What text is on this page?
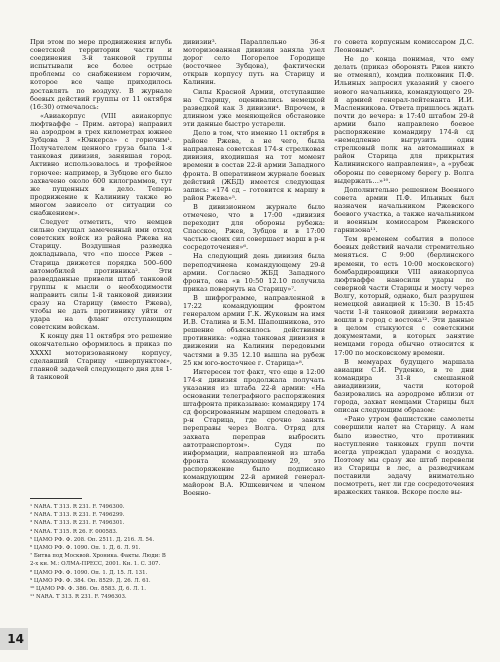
При этом по мере продвижения вглубь советской территории части и соединения 3-й танковой группы испытывали все более острые проблемы со снабжением горючим, которое все чаще приходилось доставлять по воздуху. В журнале боевых действий группы от 11 октября (16:30) отмечалось:

«Авиакорпус (VIII авиакорпус люфтваффе – Прим. автора) направил на аэродром в трех километрах южнее Зубцова 3 «Юнкерса» с горючим¹. Получателем ценного груза была 1-я танковая дивизия, занявшая город. Активно использовалось и трофейное горючее: например, в Зубцове его было захвачено около 600 килограммов, тут же пущенных в дело. Теперь продвижение к Калинину также во многом зависело от ситуации со снабжением».

Следует отметить, что немцев сильно смущал замеченный ими отход советских войск из района Ржева на Старицу. Воздушная разведка докладывала, что «по шоссе Ржев – Старица движется порядка 500–600 автомобилей противника². Эти разведданные привели штаб танковой группы к мысли о необходимости направить силы 1-й танковой дивизии сразу на Старицу (вместо Ржева), чтобы не дать противнику уйти от удара на фланг отступающим советским войскам.

К концу дня 11 октября это решение окончательно оформилось в приказ по XXXXI моторизованному корпусу, сделавший Старицу «шверпунктом», главной задачей следующего дня для 1-й танковой

дивизии³. Параллельно 36-я моторизованная дивизия заняла узел дорог село Погорелое Городище (восточнее Зубцова), фактически открыв корпусу путь на Старицу и Калинин.

Силы Красной Армии, отступавшие на Старицу, оценивались немецкой разведкой как 3 дивизии⁴. Впрочем, в длинном уже меняющейся обстановке эти данные быстро устарели.

Дело в том, что именно 11 октября в районе Ржева, а не чего, была направлена советская 174-я стрелковая дивизия, входившая на тот момент времени в состав 22-й армии Западного фронта. В оперативном журнале боевых действий (ЖБД) имеется следующая запись: «174 сд – готовится к маршу в район Ржева»⁵.

В дивизионном журнале было отмечено, что в 17:00 «дивизия переходит для обороны рубежа: Спасское, Ржев, Зубцов и в 17:00 частью своих сил совершает марш в р-н сосредоточения»⁶.

На следующий день дивизия была переподчинена командующему 29-й армии. Согласно ЖБД Западного фронта, она «в 10:50 12.10 получила приказ повернуть на Старицу»⁷.

В шифрограмме, направленной в 17:22 командующим фронтом генералом армии Г.К. Жуковым на имя И.В. Сталина и Б.М. Шапошникова, это решение объяснялось действиями противника: «одна танковая дивизия в движении на Калинин передовыми частями в 9.35 12.10 вышла на рубеж 25 км юго-восточнее г. Старица»⁸.

Интересен тот факт, что еще в 12:00 174-я дивизия продолжала получать указания из штаба 22-й армии: «На основании телеграфного распоряжения штафронта приказываю: командиру 174 сд форсированным маршем следовать в р-н Старица, где срочно занять переправы через Волга. Отряд для захвата переправ выбросить автотранспортом». Судя по информации, направленной из штаба фронта командующему 29, это распоряжение было подписано командующим 22-й армией генерал-майором В.А. Юшкевичем и членом Военно-

го совета корпусным комиссаром Д.С. Леоновым⁹.

Не до конца понимая, что ему делать (приказ оборонять Ржев никто не отменял), комдив полковник П.Ф. Ильиных запросил указаний у своего нового начальника, командующего 29-й армией генерал-лейтенанта И.И. Масленникова. Ответа пришлось ждать почти до вечера: в 17:40 штабом 29-й армии было направлено боевое распоряжение командиру 174-й сд «немедленно выгрузить один стрелковый полк на автомашинах в район Старица для прикрытия Калининского направления», а «рубеж обороны по северному берегу р. Волга выдержать…»¹⁰.

Дополнительно решением Военного совета армии П.Ф. Ильиных был назначен начальником Ржевского боевого участка, а также начальником и военным комиссаром Ржевского гарнизона¹¹.

Тем временем события в полосе боевых действий начали стремительно меняться. С 9:00 (берлинского времени, то есть 10:00 московского) бомбардировщики VIII авиакорпуса люфтваффе наносили удары по северной части Старицы и мосту через Волгу, который, однако, был разрушен немецкой авиацией к 15:30. В 15:45 части 1-й танковой дивизии вермахта вошли в город с востока¹². Эти данные в целом стыкуются с советскими документами, в которых занятие немцами города обычно относится к 17:00 по московскому времени.

В мемуарах будущего маршала авиации С.И. Руденко, в те дни командира 31-й смешанной авиадивизии, части которой базировались на аэродроме вблизи от города, захват немцами Старицы был описан следующим образом:

«Рано утром фашистские самолеты совершили налет на Старицу. А нам было известно, что противник наступление танковых групп почти всегда упреждал ударами с воздуха. Поэтому мы сразу же штаб перевели из Старицы в лес, а разведчикам поставили задачу внимательно посмотреть, нет ли где сосредоточения вражеских танков. Вскоре после вы-

¹ NARA. T 313. R 231. F. 7496300.
² NARA. T 313. R 231. F. 7496299.
³ NARA. T 313. R 231. F. 7496301.
⁴ NARA. T 315. R 26. F. 000583.
⁵ ЦАМО РФ. Ф. 208. Оп. 2511. Д. 216. Л. 54.
⁶ ЦАМО РФ. Ф. 1090. Оп. 1. Д. 6. Л. 91.
⁷ Битва под Москвой. Хроника. Факты. Люди: В 2-х кн. М.: ОЛМА-ПРЕСС, 2001. Кн. 1. С. 307.
⁸ ЦАМО РФ. Ф. 1090. Оп. 1. Д. 15. Л. 131.
⁹ ЦАМО РФ. Ф. 384. Оп. 8529. Д. 26. Л. 61.
¹⁰ ЦАМО РФ. Ф. 386. Оп. 8583. Д. 6. Л. 1.
¹¹ NARA. T 313. R 231. F. 7496303.
14
